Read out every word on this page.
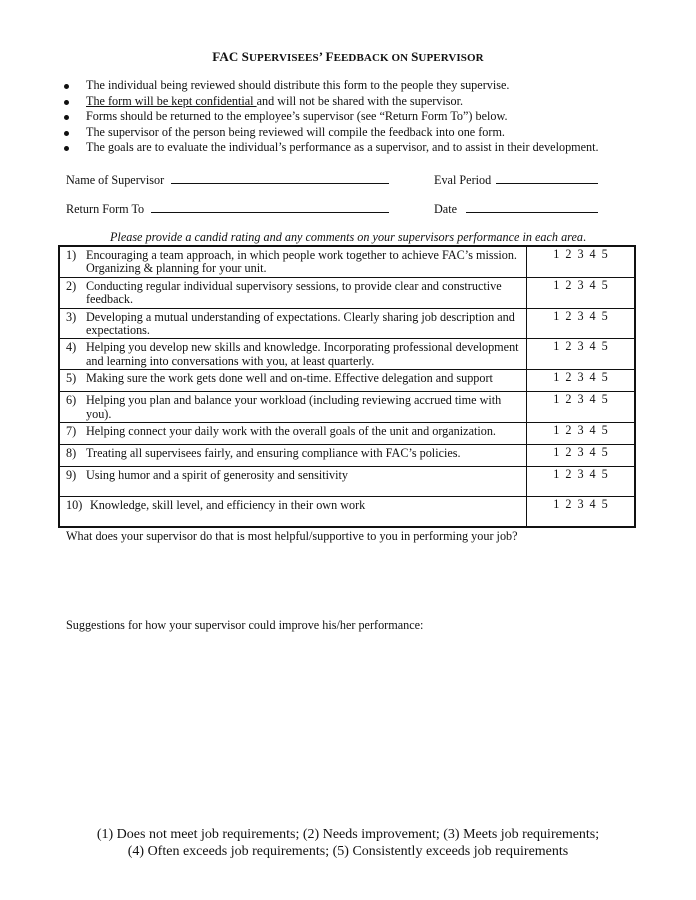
FAC SUPERVISEES’ FEEDBACK ON SUPERVISOR
The individual being reviewed should distribute this form to the people they supervise.
The form will be kept confidential and will not be shared with the supervisor.
Forms should be returned to the employee’s supervisor (see “Return Form To”) below.
The supervisor of the person being reviewed will compile the feedback into one form.
The goals are to evaluate the individual’s performance as a supervisor, and to assist in their development.
Name of Supervisor	Eval Period
Return Form To	Date
Please provide a candid rating and any comments on your supervisors performance in each area.
1) Encouraging a team approach, in which people work together to achieve FAC’s mission. Organizing & planning for your unit.	1 2 3 4 5

2) Conducting regular individual supervisory sessions, to provide clear and constructive feedback.	1 2 3 4 5

3) Developing a mutual understanding of expectations. Clearly sharing job description and expectations.	1 2 3 4 5

4) Helping you develop new skills and knowledge. Incorporating professional development and learning into conversations with you, at least quarterly.	1 2 3 4 5

5) Making sure the work gets done well and on-time. Effective delegation and support	1 2 3 4 5

6) Helping you plan and balance your workload (including reviewing accrued time with you).	1 2 3 4 5

7) Helping connect your daily work with the overall goals of the unit and organization.	1 2 3 4 5

8) Treating all supervisees fairly, and ensuring compliance with FAC’s policies.	1 2 3 4 5

9) Using humor and a spirit of generosity and sensitivity	1 2 3 4 5

10) Knowledge, skill level, and efficiency in their own work	1 2 3 4 5
What does your supervisor do that is most helpful/supportive to you in performing your job?
Suggestions for how your supervisor could improve his/her performance:
(1) Does not meet job requirements; (2) Needs improvement; (3) Meets job requirements;
(4) Often exceeds job requirements; (5) Consistently exceeds job requirements
